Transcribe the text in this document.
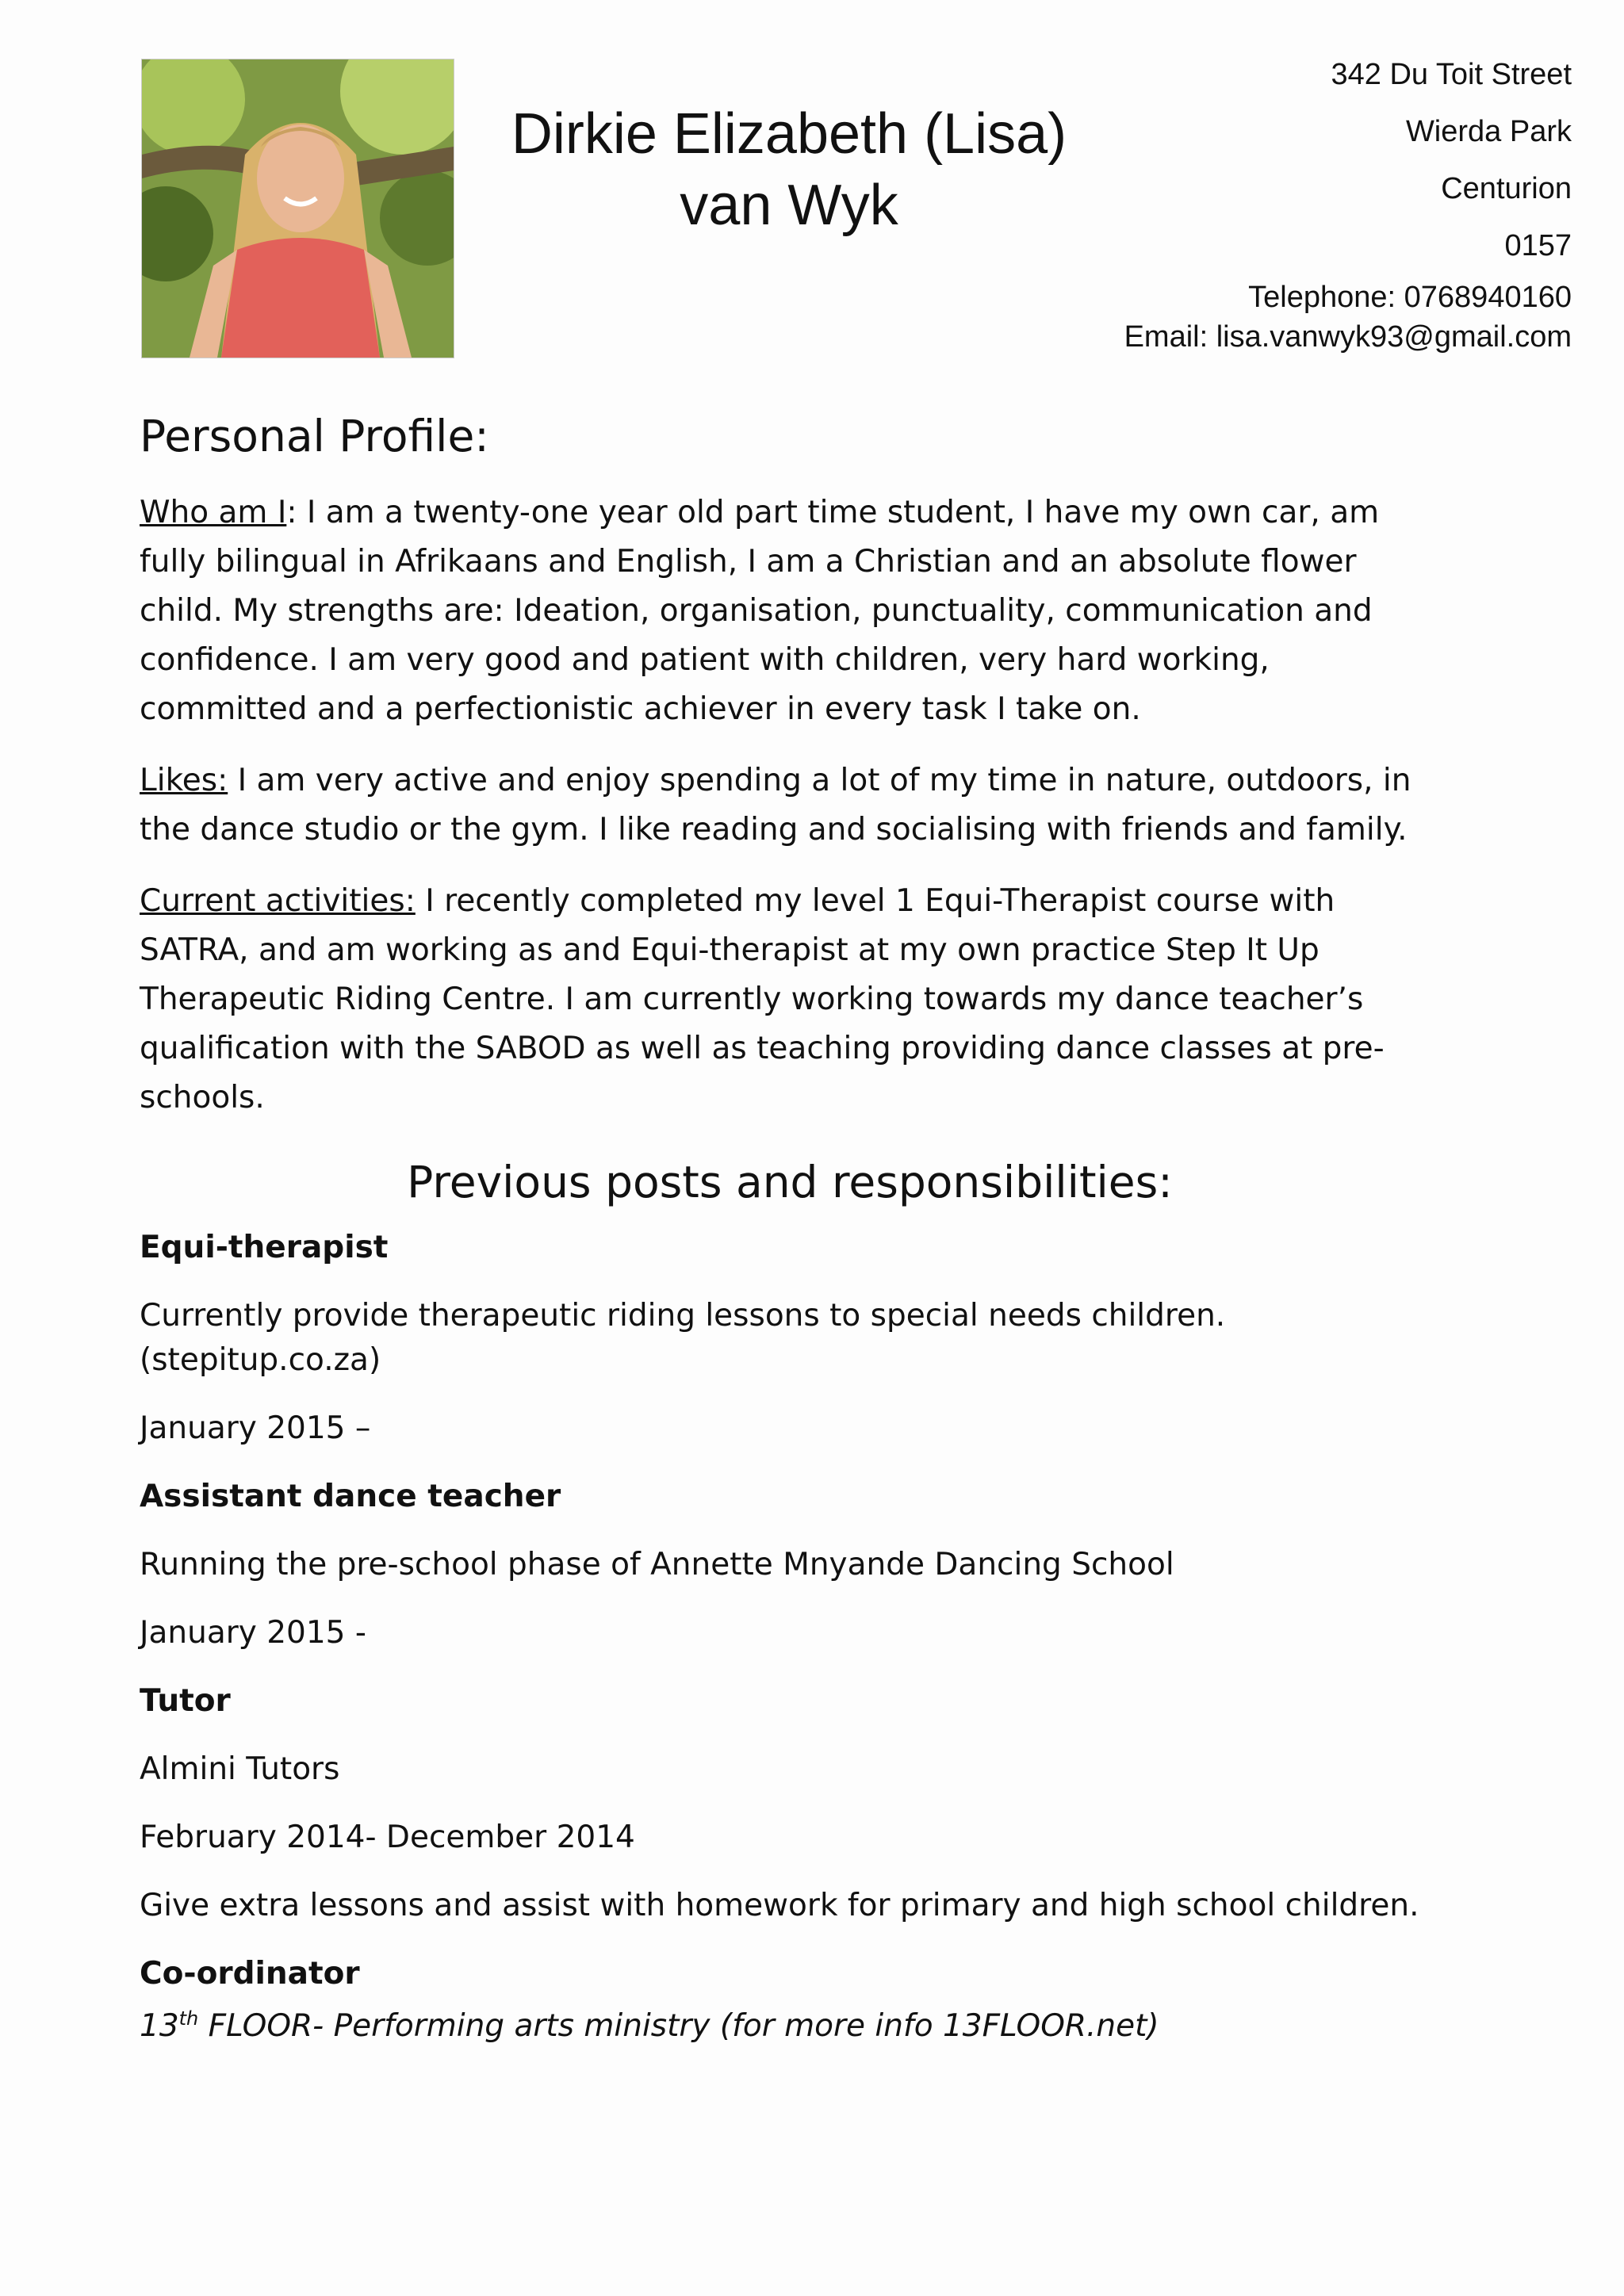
Dirkie Elizabeth (Lisa)
van Wyk
342 Du Toit Street
Wierda Park
Centurion
0157
Telephone: 0768940160
Email: lisa.vanwyk93@gmail.com
Personal Profile:

Who am I: I am a twenty-one year old part time student, I have my own car, am fully bilingual in Afrikaans and English, I am a Christian and an absolute flower child. My strengths are: Ideation, organisation, punctuality, communication and confidence. I am very good and patient with children, very hard working, committed and a perfectionistic achiever in every task I take on.

Likes: I am very active and enjoy spending a lot of my time in nature, outdoors, in the dance studio or the gym. I like reading and socialising with friends and family.

Current activities: I recently completed my level 1 Equi-Therapist course with SATRA, and am working as and Equi-therapist at my own practice Step It Up Therapeutic Riding Centre. I am currently working towards my dance teacher’s qualification with the SABOD as well as teaching providing dance classes at pre-schools.

Previous posts and responsibilities:

Equi-therapist

Currently provide therapeutic riding lessons to special needs children.

(stepitup.co.za)

January 2015 –

Assistant dance teacher

Running the pre-school phase of Annette Mnyande Dancing School

January 2015 -

Tutor

Almini Tutors

February 2014- December 2014

Give extra lessons and assist with homework for primary and high school children.

Co-ordinator

13th FLOOR- Performing arts ministry (for more info 13FLOOR.net)
